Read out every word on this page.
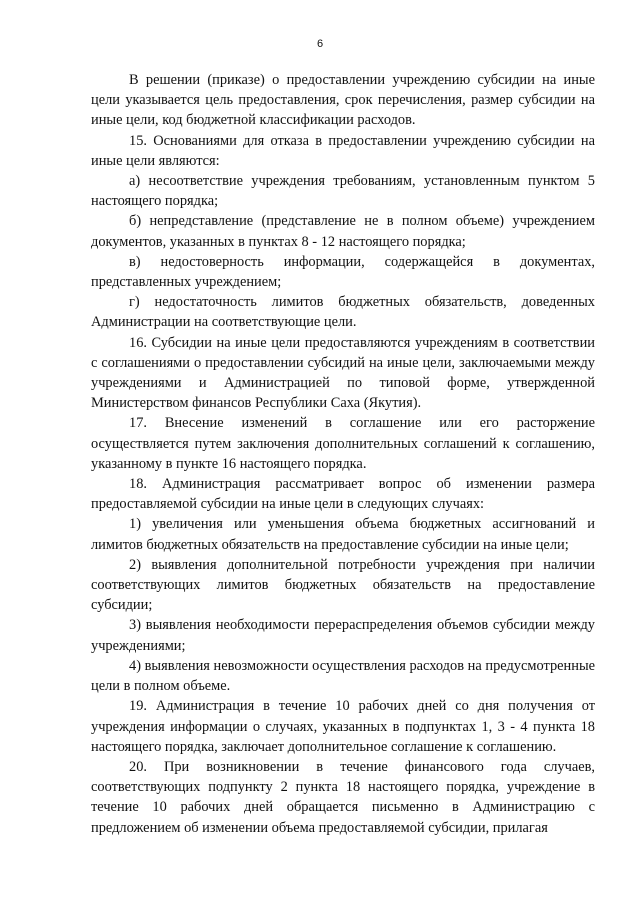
6

В решении (приказе) о предоставлении учреждению субсидии на иные цели указывается цель предоставления, срок перечисления, размер субсидии на иные цели, код бюджетной классификации расходов.

15. Основаниями для отказа в предоставлении учреждению субсидии на иные цели являются:

а) несоответствие учреждения требованиям, установленным пунктом 5 настоящего порядка;

б) непредставление (представление не в полном объеме) учреждением документов, указанных в пунктах 8 - 12 настоящего порядка;

в) недостоверность информации, содержащейся в документах, представленных учреждением;

г) недостаточность лимитов бюджетных обязательств, доведенных Администрации на соответствующие цели.

16. Субсидии на иные цели предоставляются учреждениям в соответствии с соглашениями о предоставлении субсидий на иные цели, заключаемыми между учреждениями и Администрацией по типовой форме, утвержденной Министерством финансов Республики Саха (Якутия).

17. Внесение изменений в соглашение или его расторжение осуществляется путем заключения дополнительных соглашений к соглашению, указанному в пункте 16 настоящего порядка.

18. Администрация рассматривает вопрос об изменении размера предоставляемой субсидии на иные цели в следующих случаях:

1) увеличения или уменьшения объема бюджетных ассигнований и лимитов бюджетных обязательств на предоставление субсидии на иные цели;

2) выявления дополнительной потребности учреждения при наличии соответствующих лимитов бюджетных обязательств на предоставление субсидии;

3) выявления необходимости перераспределения объемов субсидии между учреждениями;

4) выявления невозможности осуществления расходов на предусмотренные цели в полном объеме.

19. Администрация в течение 10 рабочих дней со дня получения от учреждения информации о случаях, указанных в подпунктах 1, 3 - 4 пункта 18 настоящего порядка, заключает дополнительное соглашение к соглашению.

20. При возникновении в течение финансового года случаев, соответствующих подпункту 2 пункта 18 настоящего порядка, учреждение в течение 10 рабочих дней обращается письменно в Администрацию с предложением об изменении объема предоставляемой субсидии, прилагая
